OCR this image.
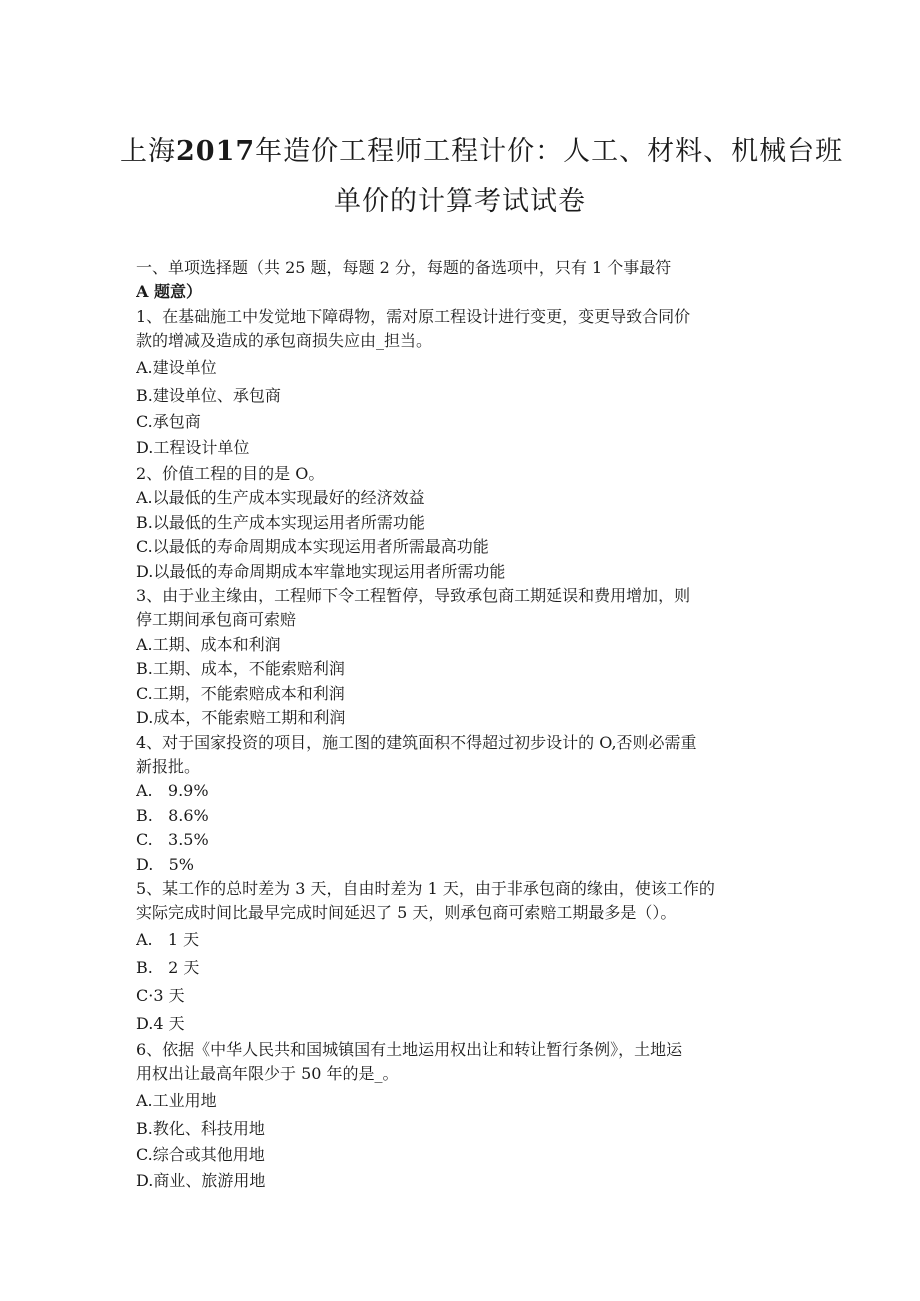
上海2017年造价工程师工程计价：人工、材料、机械台班
单价的计算考试试卷
一、单项选择题（共 25 题，每题 2 分，每题的备选项中，只有 1 个事最符
A 题意）
1、在基础施工中发觉地下障碍物，需对原工程设计进行变更，变更导致合同价
款的增减及造成的承包商损失应由_担当。
A.建设单位
B.建设单位、承包商
C.承包商
D.工程设计单位
2、价值工程的目的是 O。
A.以最低的生产成本实现最好的经济效益
B.以最低的生产成本实现运用者所需功能
C.以最低的寿命周期成本实现运用者所需最高功能
D.以最低的寿命周期成本牢靠地实现运用者所需功能
3、由于业主缘由，工程师下令工程暂停，导致承包商工期延误和费用增加，则
停工期间承包商可索赔
A.工期、成本和利润
B.工期、成本，不能索赔利润
C.工期，不能索赔成本和利润
D.成本，不能索赔工期和利润
4、对于国家投资的项目，施工图的建筑面积不得超过初步设计的 O,否则必需重
新报批。
A.   9.9%
B.   8.6%
C.   3.5%
D.   5%
5、某工作的总时差为 3 天，自由时差为 1 天，由于非承包商的缘由，使该工作的
实际完成时间比最早完成时间延迟了 5 天，则承包商可索赔工期最多是（）。
A.   1 天
B.   2 天
C·3 天
D.4 天
6、依据《中华人民共和国城镇国有土地运用权出让和转让暂行条例》，土地运
用权出让最高年限少于 50 年的是_。
A.工业用地
B.教化、科技用地
C.综合或其他用地
D.商业、旅游用地
